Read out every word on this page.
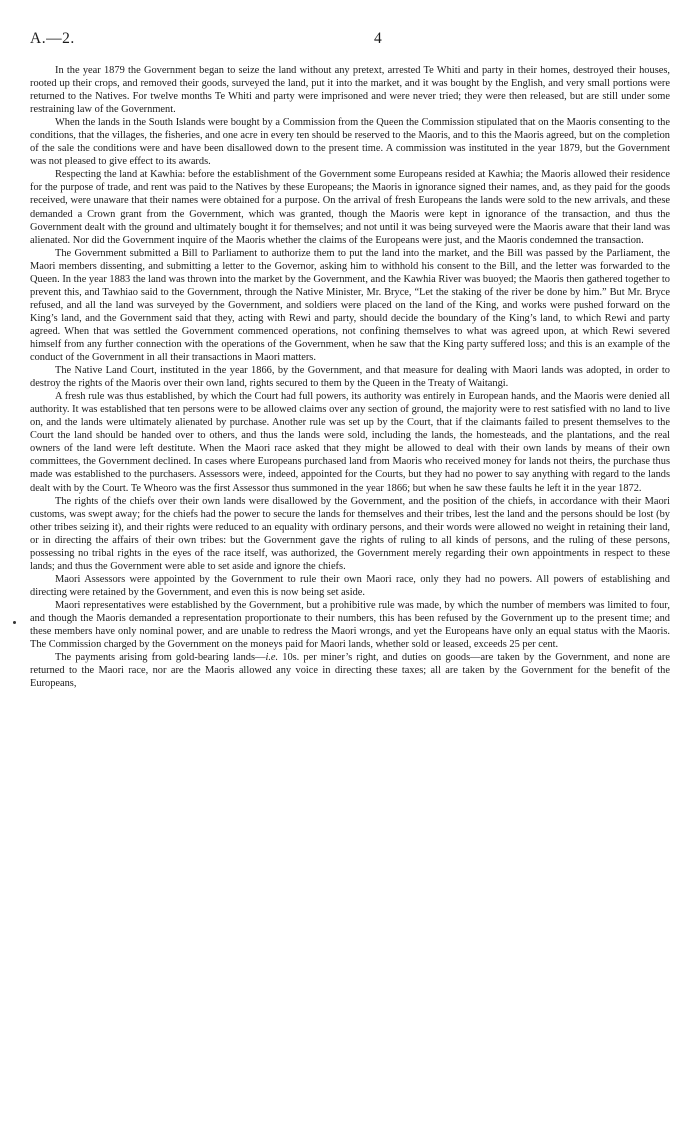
A.—2.	4

In the year 1879 the Government began to seize the land without any pretext, arrested Te Whiti and party in their homes, destroyed their houses, rooted up their crops, and removed their goods, surveyed the land, put it into the market, and it was bought by the English, and very small portions were returned to the Natives. For twelve months Te Whiti and party were imprisoned and were never tried; they were then released, but are still under some restraining law of the Government.

When the lands in the South Islands were bought by a Commission from the Queen the Commission stipulated that on the Maoris consenting to the conditions, that the villages, the fisheries, and one acre in every ten should be reserved to the Maoris, and to this the Maoris agreed, but on the completion of the sale the conditions were and have been disallowed down to the present time. A commission was instituted in the year 1879, but the Government was not pleased to give effect to its awards.

Respecting the land at Kawhia: before the establishment of the Government some Europeans resided at Kawhia; the Maoris allowed their residence for the purpose of trade, and rent was paid to the Natives by these Europeans; the Maoris in ignorance signed their names, and, as they paid for the goods received, were unaware that their names were obtained for a purpose. On the arrival of fresh Europeans the lands were sold to the new arrivals, and these demanded a Crown grant from the Government, which was granted, though the Maoris were kept in ignorance of the transaction, and thus the Government dealt with the ground and ultimately bought it for themselves; and not until it was being surveyed were the Maoris aware that their land was alienated. Nor did the Government inquire of the Maoris whether the claims of the Europeans were just, and the Maoris condemned the transaction.

The Government submitted a Bill to Parliament to authorize them to put the land into the market, and the Bill was passed by the Parliament, the Maori members dissenting, and submitting a letter to the Governor, asking him to withhold his consent to the Bill, and the letter was forwarded to the Queen. In the year 1883 the land was thrown into the market by the Government, and the Kawhia River was buoyed; the Maoris then gathered together to prevent this, and Tawhiao said to the Government, through the Native Minister, Mr. Bryce, “Let the staking of the river be done by him.” But Mr. Bryce refused, and all the land was surveyed by the Government, and soldiers were placed on the land of the King, and works were pushed forward on the King’s land, and the Government said that they, acting with Rewi and party, should decide the boundary of the King’s land, to which Rewi and party agreed. When that was settled the Government commenced operations, not confining themselves to what was agreed upon, at which Rewi severed himself from any further connection with the operations of the Government, when he saw that the King party suffered loss; and this is an example of the conduct of the Government in all their transactions in Maori matters.

The Native Land Court, instituted in the year 1866, by the Government, and that measure for dealing with Maori lands was adopted, in order to destroy the rights of the Maoris over their own land, rights secured to them by the Queen in the Treaty of Waitangi.

A fresh rule was thus established, by which the Court had full powers, its authority was entirely in European hands, and the Maoris were denied all authority. It was established that ten persons were to be allowed claims over any section of ground, the majority were to rest satisfied with no land to live on, and the lands were ultimately alienated by purchase. Another rule was set up by the Court, that if the claimants failed to present themselves to the Court the land should be handed over to others, and thus the lands were sold, including the lands, the homesteads, and the plantations, and the real owners of the land were left destitute. When the Maori race asked that they might be allowed to deal with their own lands by means of their own committees, the Government declined. In cases where Europeans purchased land from Maoris who received money for lands not theirs, the purchase thus made was established to the purchasers. Assessors were, indeed, appointed for the Courts, but they had no power to say anything with regard to the lands dealt with by the Court. Te Wheoro was the first Assessor thus summoned in the year 1866; but when he saw these faults he left it in the year 1872.

The rights of the chiefs over their own lands were disallowed by the Government, and the position of the chiefs, in accordance with their Maori customs, was swept away; for the chiefs had the power to secure the lands for themselves and their tribes, lest the land and the persons should be lost (by other tribes seizing it), and their rights were reduced to an equality with ordinary persons, and their words were allowed no weight in retaining their land, or in directing the affairs of their own tribes: but the Government gave the rights of ruling to all kinds of persons, and the ruling of these persons, possessing no tribal rights in the eyes of the race itself, was authorized, the Government merely regarding their own appointments in respect to these lands; and thus the Government were able to set aside and ignore the chiefs.

Maori Assessors were appointed by the Government to rule their own Maori race, only they had no powers. All powers of establishing and directing were retained by the Government, and even this is now being set aside.

Maori representatives were established by the Government, but a prohibitive rule was made, by which the number of members was limited to four, and though the Maoris demanded a representation proportionate to their numbers, this has been refused by the Government up to the present time; and these members have only nominal power, and are unable to redress the Maori wrongs, and yet the Europeans have only an equal status with the Maoris. The Commission charged by the Government on the moneys paid for Maori lands, whether sold or leased, exceeds 25 per cent.

The payments arising from gold-bearing lands—i.e. 10s. per miner’s right, and duties on goods—are taken by the Government, and none are returned to the Maori race, nor are the Maoris allowed any voice in directing these taxes; all are taken by the Government for the benefit of the Europeans,
